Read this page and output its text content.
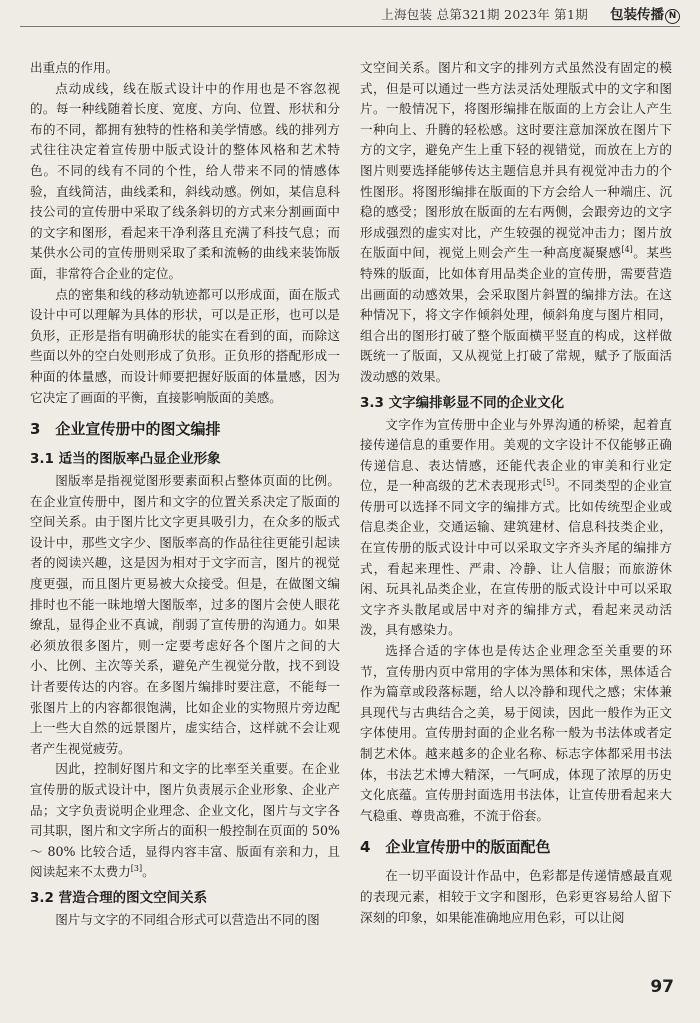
上海包装 总第321期 2023年 第1期 包装传播 N

出重点的作用。

点动成线，线在版式设计中的作用也是不容忽视的。每一种线随着长度、宽度、方向、位置、形状和分布的不同，都拥有独特的性格和美学情感。线的排列方式往往决定着宣传册中版式设计的整体风格和艺术特色。不同的线有不同的个性，给人带来不同的情感体验，直线简洁，曲线柔和，斜线动感。例如，某信息科技公司的宣传册中采取了线条斜切的方式来分割画面中的文字和图形，看起来干净利落且充满了科技气息；而某供水公司的宣传册则采取了柔和流畅的曲线来装饰版面，非常符合企业的定位。

点的密集和线的移动轨迹都可以形成面，面在版式设计中可以理解为具体的形状，可以是正形，也可以是负形，正形是指有明确形状的能实在看到的面，而除这些面以外的空白处则形成了负形。正负形的搭配形成一种面的体量感，而设计师要把握好版面的体量感，因为它决定了画面的平衡，直接影响版面的美感。

3　企业宣传册中的图文编排
3.1 适当的图版率凸显企业形象

图版率是指视觉图形要素面积占整体页面的比例。在企业宣传册中，图片和文字的位置关系决定了版面的空间关系。由于图片比文字更具吸引力，在众多的版式设计中，那些文字少、图版率高的作品往往更能引起读者的阅读兴趣，这是因为相对于文字而言，图片的视觉度更强，而且图片更易被大众接受。但是，在做图文编排时也不能一昧地增大图版率，过多的图片会使人眼花缭乱，显得企业不真诚，削弱了宣传册的沟通力。如果必须放很多图片，则一定要考虑好各个图片之间的大小、比例、主次等关系，避免产生视觉分散，找不到设计者要传达的内容。在多图片编排时要注意，不能每一张图片上的内容都很饱满，比如企业的实物照片旁边配上一些大自然的远景图片，虚实结合，这样就不会让观者产生视觉疲劳。

因此，控制好图片和文字的比率至关重要。在企业宣传册的版式设计中，图片负责展示企业形象、企业产品；文字负责说明企业理念、企业文化，图片与文字各司其职，图片和文字所占的面积一般控制在页面的 50% ～ 80% 比较合适，显得内容丰富、版面有亲和力，且阅读起来不太费力[3]。

3.2 营造合理的图文空间关系

图片与文字的不同组合形式可以营造出不同的图

文空间关系。图片和文字的排列方式虽然没有固定的模式，但是可以通过一些方法灵活处理版式中的文字和图片。一般情况下，将图形编排在版面的上方会让人产生一种向上、升腾的轻松感。这时要注意加深放在图片下方的文字，避免产生上重下轻的视错觉，而放在上方的图片则要选择能够传达主题信息并具有视觉冲击力的个性图形。将图形编排在版面的下方会给人一种端庄、沉稳的感受；图形放在版面的左右两侧，会跟旁边的文字形成强烈的虚实对比，产生较强的视觉冲击力；图片放在版面中间，视觉上则会产生一种高度凝聚感[4]。某些特殊的版面，比如体育用品类企业的宣传册，需要营造出画面的动感效果，会采取图片斜置的编排方法。在这种情况下，将文字作倾斜处理，倾斜角度与图片相同，组合出的图形打破了整个版面横平竖直的构成，这样做既统一了版面，又从视觉上打破了常规，赋予了版面活泼动感的效果。

3.3 文字编排彰显不同的企业文化

文字作为宣传册中企业与外界沟通的桥梁，起着直接传递信息的重要作用。美观的文字设计不仅能够正确传递信息、表达情感，还能代表企业的审美和行业定位，是一种高级的艺术表现形式[5]。不同类型的企业宣传册可以选择不同文字的编排方式。比如传统型企业或信息类企业，交通运输、建筑建材、信息科技类企业，在宣传册的版式设计中可以采取文字齐头齐尾的编排方式，看起来理性、严肃、冷静、让人信服；而旅游休闲、玩具礼品类企业，在宣传册的版式设计中可以采取文字齐头散尾或居中对齐的编排方式，看起来灵动活泼，具有感染力。

选择合适的字体也是传达企业理念至关重要的环节，宣传册内页中常用的字体为黑体和宋体，黑体适合作为篇章或段落标题，给人以冷静和现代之感；宋体兼具现代与古典结合之美，易于阅读，因此一般作为正文字体使用。宣传册封面的企业名称一般为书法体或者定制艺术体。越来越多的企业名称、标志字体都采用书法体，书法艺术博大精深，一气呵成，体现了浓厚的历史文化底蕴。宣传册封面选用书法体，让宣传册看起来大气稳重、尊贵高雅，不流于俗套。

4　企业宣传册中的版面配色

在一切平面设计作品中，色彩都是传递情感最直观的表现元素，相较于文字和图形，色彩更容易给人留下深刻的印象，如果能准确地应用色彩，可以让阅

97
